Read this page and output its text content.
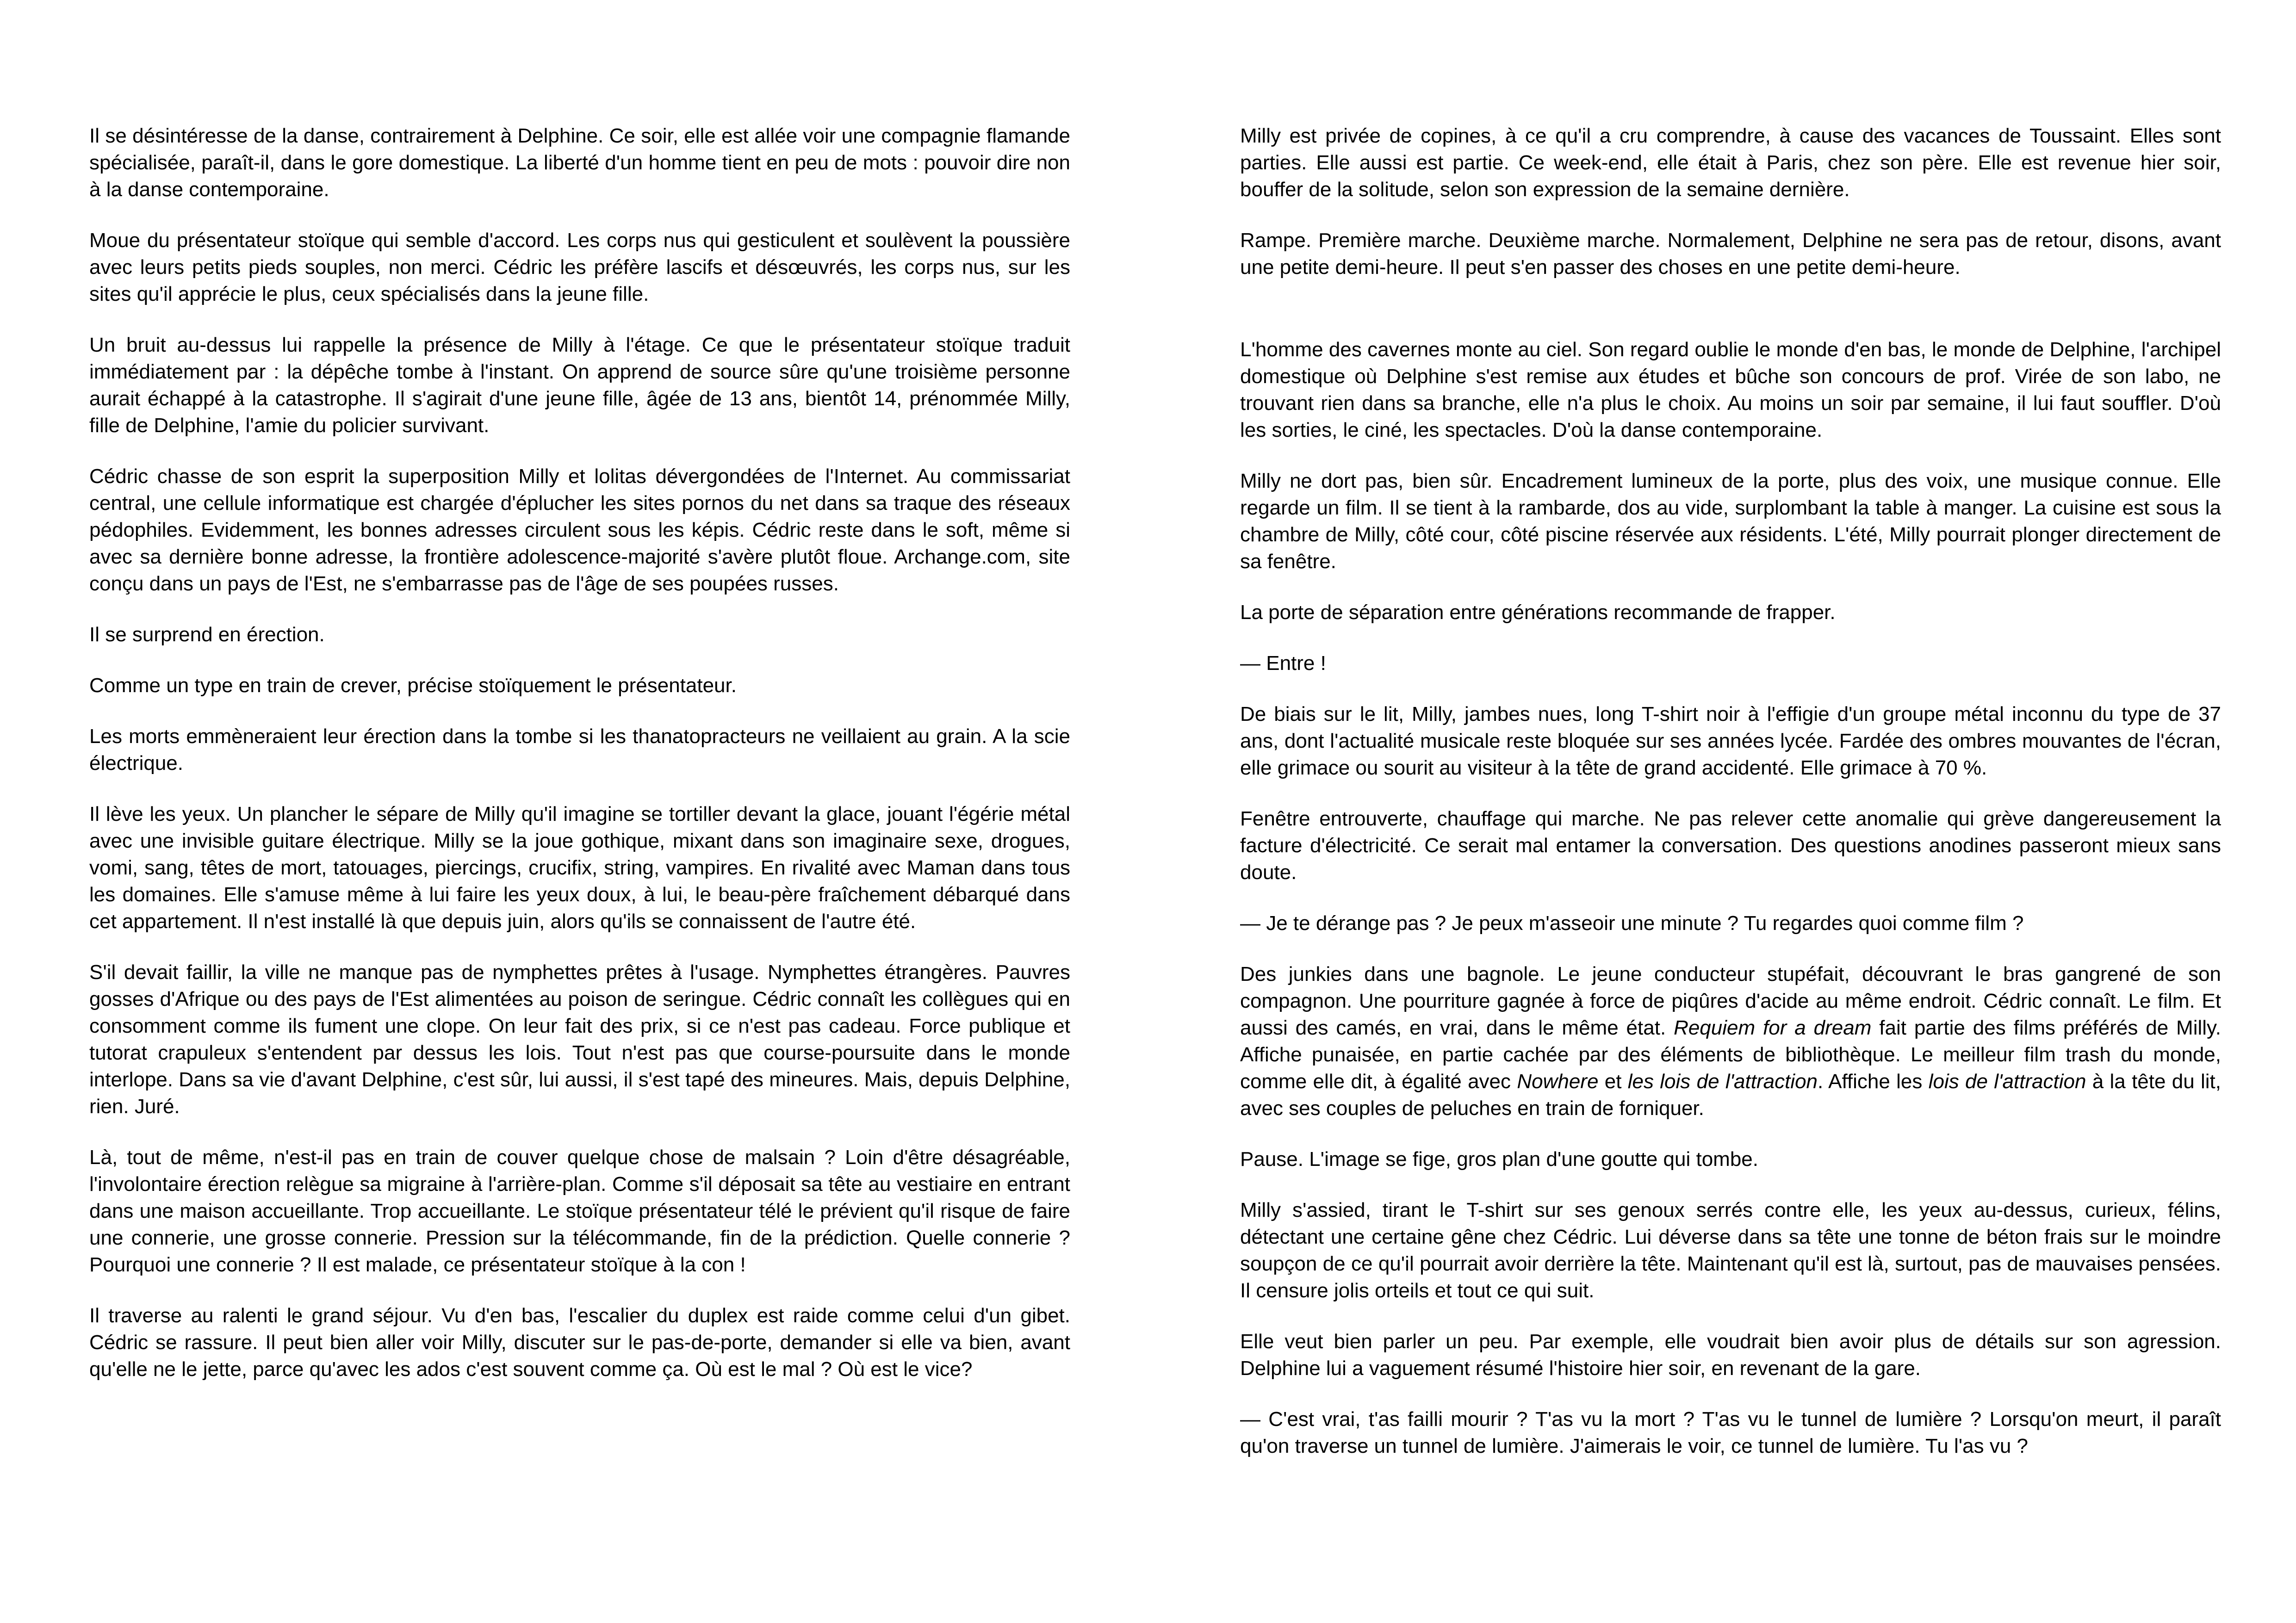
Il se désintéresse de la danse, contrairement à Delphine. Ce soir, elle est allée voir une compagnie flamande spécialisée, paraît-il, dans le gore domestique. La liberté d'un homme tient en peu de mots : pouvoir dire non à la danse contemporaine.

Moue du présentateur stoïque qui semble d'accord. Les corps nus qui gesticulent et soulèvent la poussière avec leurs petits pieds souples, non merci. Cédric les préfère lascifs et désœuvrés, les corps nus, sur les sites qu'il apprécie le plus, ceux spécialisés dans la jeune fille.

Un bruit au-dessus lui rappelle la présence de Milly à l'étage. Ce que le présentateur stoïque traduit immédiatement par : la dépêche tombe à l'instant. On apprend de source sûre qu'une troisième personne aurait échappé à la catastrophe. Il s'agirait d'une jeune fille, âgée de 13 ans, bientôt 14, prénommée Milly, fille de Delphine, l'amie du policier survivant.

Cédric chasse de son esprit la superposition Milly et lolitas dévergondées de l'Internet. Au commissariat central, une cellule informatique est chargée d'éplucher les sites pornos du net dans sa traque des réseaux pédophiles. Evidemment, les bonnes adresses circulent sous les képis. Cédric reste dans le soft, même si avec sa dernière bonne adresse, la frontière adolescence-majorité s'avère plutôt floue. Archange.com, site conçu dans un pays de l'Est, ne s'embarrasse pas de l'âge de ses poupées russes.

Il se surprend en érection.

Comme un type en train de crever, précise stoïquement le présentateur.

Les morts emmèneraient leur érection dans la tombe si les thanatopracteurs ne veillaient au grain. A la scie électrique.

Il lève les yeux. Un plancher le sépare de Milly qu'il imagine se tortiller devant la glace, jouant l'égérie métal avec une invisible guitare électrique. Milly se la joue gothique, mixant dans son imaginaire sexe, drogues, vomi, sang, têtes de mort, tatouages, piercings, crucifix, string, vampires. En rivalité avec Maman dans tous les domaines. Elle s'amuse même à lui faire les yeux doux, à lui, le beau-père fraîchement débarqué dans cet appartement. Il n'est installé là que depuis juin, alors qu'ils se connaissent de l'autre été.

S'il devait faillir, la ville ne manque pas de nymphettes prêtes à l'usage. Nymphettes étrangères. Pauvres gosses d'Afrique ou des pays de l'Est alimentées au poison de seringue. Cédric connaît les collègues qui en consomment comme ils fument une clope. On leur fait des prix, si ce n'est pas cadeau. Force publique et tutorat crapuleux s'entendent par dessus les lois. Tout n'est pas que course-poursuite dans le monde interlope. Dans sa vie d'avant Delphine, c'est sûr, lui aussi, il s'est tapé des mineures. Mais, depuis Delphine, rien. Juré.

Là, tout de même, n'est-il pas en train de couver quelque chose de malsain ? Loin d'être désagréable, l'involontaire érection relègue sa migraine à l'arrière-plan. Comme s'il déposait sa tête au vestiaire en entrant dans une maison accueillante. Trop accueillante. Le stoïque présentateur télé le prévient qu'il risque de faire une connerie, une grosse connerie. Pression sur la télécommande, fin de la prédiction. Quelle connerie ? Pourquoi une connerie ? Il est malade, ce présentateur stoïque à la con !

Il traverse au ralenti le grand séjour. Vu d'en bas, l'escalier du duplex est raide comme celui d'un gibet. Cédric se rassure. Il peut bien aller voir Milly, discuter sur le pas-de-porte, demander si elle va bien, avant qu'elle ne le jette, parce qu'avec les ados c'est souvent comme ça. Où est le mal ? Où est le vice?

Milly est privée de copines, à ce qu'il a cru comprendre, à cause des vacances de Toussaint. Elles sont parties. Elle aussi est partie. Ce week-end, elle était à Paris, chez son père. Elle est revenue hier soir, bouffer de la solitude, selon son expression de la semaine dernière.

Rampe. Première marche. Deuxième marche. Normalement, Delphine ne sera pas de retour, disons, avant une petite demi-heure. Il peut s'en passer des choses en une petite demi-heure.

L'homme des cavernes monte au ciel. Son regard oublie le monde d'en bas, le monde de Delphine, l'archipel domestique où Delphine s'est remise aux études et bûche son concours de prof. Virée de son labo, ne trouvant rien dans sa branche, elle n'a plus le choix. Au moins un soir par semaine, il lui faut souffler. D'où les sorties, le ciné, les spectacles. D'où la danse contemporaine.

Milly ne dort pas, bien sûr. Encadrement lumineux de la porte, plus des voix, une musique connue. Elle regarde un film. Il se tient à la rambarde, dos au vide, surplombant la table à manger. La cuisine est sous la chambre de Milly, côté cour, côté piscine réservée aux résidents. L'été, Milly pourrait plonger directement de sa fenêtre.

La porte de séparation entre générations recommande de frapper.

— Entre !

De biais sur le lit, Milly, jambes nues, long T-shirt noir à l'effigie d'un groupe métal inconnu du type de 37 ans, dont l'actualité musicale reste bloquée sur ses années lycée. Fardée des ombres mouvantes de l'écran, elle grimace ou sourit au visiteur à la tête de grand accidenté. Elle grimace à 70 %.

Fenêtre entrouverte, chauffage qui marche. Ne pas relever cette anomalie qui grève dangereusement la facture d'électricité. Ce serait mal entamer la conversation. Des questions anodines passeront mieux sans doute.

— Je te dérange pas ? Je peux m'asseoir une minute ? Tu regardes quoi comme film ?

Des junkies dans une bagnole. Le jeune conducteur stupéfait, découvrant le bras gangrené de son compagnon. Une pourriture gagnée à force de piqûres d'acide au même endroit. Cédric connaît. Le film. Et aussi des camés, en vrai, dans le même état. Requiem for a dream fait partie des films préférés de Milly. Affiche punaisée, en partie cachée par des éléments de bibliothèque. Le meilleur film trash du monde, comme elle dit, à égalité avec Nowhere et les lois de l'attraction. Affiche les lois de l'attraction à la tête du lit, avec ses couples de peluches en train de forniquer.

Pause. L'image se fige, gros plan d'une goutte qui tombe.

Milly s'assied, tirant le T-shirt sur ses genoux serrés contre elle, les yeux au-dessus, curieux, félins, détectant une certaine gêne chez Cédric. Lui déverse dans sa tête une tonne de béton frais sur le moindre soupçon de ce qu'il pourrait avoir derrière la tête. Maintenant qu'il est là, surtout, pas de mauvaises pensées. Il censure jolis orteils et tout ce qui suit.

Elle veut bien parler un peu. Par exemple, elle voudrait bien avoir plus de détails sur son agression. Delphine lui a vaguement résumé l'histoire hier soir, en revenant de la gare.

— C'est vrai, t'as failli mourir ? T'as vu la mort ? T'as vu le tunnel de lumière ? Lorsqu'on meurt, il paraît qu'on traverse un tunnel de lumière. J'aimerais le voir, ce tunnel de lumière. Tu l'as vu ?
